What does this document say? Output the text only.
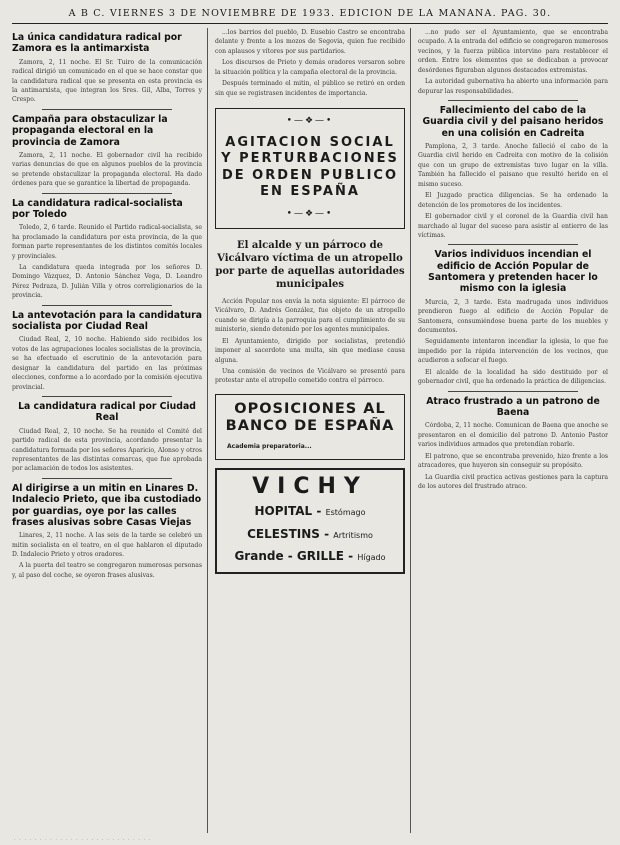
A B C. VIERNES 3 DE NOVIEMBRE DE 1933. EDICION DE LA MAÑANA. PAG. 30.
La única candidatura radical por Zamora es la antimarxista

Zamora, 2, 11 noche. El Sr. Tuiro de la comunicación radical dirigió un comunicado en el que se hace constar que la candidatura radical que se presenta en esta provincia es la antimarxista, que integran los Sres. Gil, Alba, Torres y Crespo.

Campaña para obstaculizar la propaganda electoral en la provincia de Zamora

Zamora, 2, 11 noche. El gobernador civil ha recibido varias denuncias de que en algunos pueblos de la provincia se pretende obstaculizar la propaganda electoral. Ha dado órdenes para que se garantice la libertad de propaganda.

La candidatura radical-socialista por Toledo

Toledo, 2, 6 tarde. Reunido el Partido radical-socialista, se ha proclamado la candidatura por esta provincia, de la que forman parte representantes de los distintos comités locales y provinciales.

La candidatura queda integrada por los señores D. Domingo Vázquez, D. Antonio Sánchez Vega, D. Leandro Pérez Pedraza, D. Julián Villa y otros correligionarios de la provincia.

La antevotación para la candidatura socialista por Ciudad Real

Ciudad Real, 2, 10 noche. Habiendo sido recibidos los votos de las agrupaciones locales socialistas de la provincia, se ha efectuado el escrutinio de la antevotación para designar la candidatura del partido en las próximas elecciones, conforme a lo acordado por la comisión ejecutiva provincial.

La candidatura radical por Ciudad Real

Ciudad Real, 2, 10 noche. Se ha reunido el Comité del partido radical de esta provincia, acordando presentar la candidatura formada por los señores Aparicio, Alonso y otros representantes de las distintas comarcas, que fue aprobada por aclamación de todos los asistentes.

Al dirigirse a un mitin en Linares D. Indalecio Prieto, que iba custodiado por guardias, oye por las calles frases alusivas sobre Casas Viejas

Linares, 2, 11 noche. A las seis de la tarde se celebró un mitin socialista en el teatro, en el que hablaron el diputado D. Indalecio Prieto y otros oradores.

A la puerta del teatro se congregaron numerosas personas y, al paso del coche, se oyeron frases alusivas.

...los barrios del pueblo, D. Eusebio Castro se encontraba delante y frente a los mozos de Segovia, quien fue recibido con aplausos y vítores por sus partidarios.

Los discursos de Prieto y demás oradores versaron sobre la situación política y la campaña electoral de la provincia.

Después terminado el mitin, el público se retiró en orden sin que se registrasen incidentes de importancia.

•—❖—•
AGITACION SOCIAL Y PERTURBACIONES DE ORDEN PUBLICO EN ESPAÑA
•—❖—•
El alcalde y un párroco de Vicálvaro víctima de un atropello por parte de aquellas autoridades municipales

Acción Popular nos envía la nota siguiente: El párroco de Vicálvaro, D. Andrés González, fue objeto de un atropello cuando se dirigía a la parroquia para el cumplimiento de su ministerio, siendo detenido por los agentes municipales.

El Ayuntamiento, dirigido por socialistas, pretendió imponer al sacerdote una multa, sin que mediase causa alguna.

Una comisión de vecinos de Vicálvaro se presentó para protestar ante el atropello cometido contra el párroco.

OPOSICIONES AL BANCO DE ESPAÑA

Academia preparatoria...

VICHY
HOPITAL - Estómago
CELESTINS - Artritismo
Grande - GRILLE - Hígado

...no pudo ser el Ayuntamiento, que se encontraba ocupado. A la entrada del edificio se congregaron numerosos vecinos, y la fuerza pública intervino para restablecer el orden. Entre los elementos que se dedicaban a provocar desórdenes figuraban algunos destacados extremistas.

La autoridad gubernativa ha abierto una información para depurar las responsabilidades.

Fallecimiento del cabo de la Guardia civil y del paisano heridos en una colisión en Cadreita

Pamplona, 2, 3 tarde. Anoche falleció el cabo de la Guardia civil herido en Cadreita con motivo de la colisión que con un grupo de extremistas tuvo lugar en la villa. También ha fallecido el paisano que resultó herido en el mismo suceso.

El Juzgado practica diligencias. Se ha ordenado la detención de los promotores de los incidentes.

El gobernador civil y el coronel de la Guardia civil han marchado al lugar del suceso para asistir al entierro de las víctimas.

Varios individuos incendian el edificio de Acción Popular de Santomera y pretenden hacer lo mismo con la iglesia

Murcia, 2, 3 tarde. Esta madrugada unos individuos prendieron fuego al edificio de Acción Popular de Santomera, consumiéndose buena parte de los muebles y documentos.

Seguidamente intentaron incendiar la iglesia, lo que fue impedido por la rápida intervención de los vecinos, que acudieron a sofocar el fuego.

El alcalde de la localidad ha sido destituido por el gobernador civil, que ha ordenado la práctica de diligencias.

Atraco frustrado a un patrono de Baena

Córdoba, 2, 11 noche. Comunican de Baena que anoche se presentaron en el domicilio del patrono D. Antonio Pastor varios individuos armados que pretendían robarle.

El patrono, que se encontraba prevenido, hizo frente a los atracadores, que huyeron sin conseguir su propósito.

La Guardia civil practica activas gestiones para la captura de los autores del frustrado atraco.

· · · · · · · · · · · · · · · · · · · · · · · · · · ·
